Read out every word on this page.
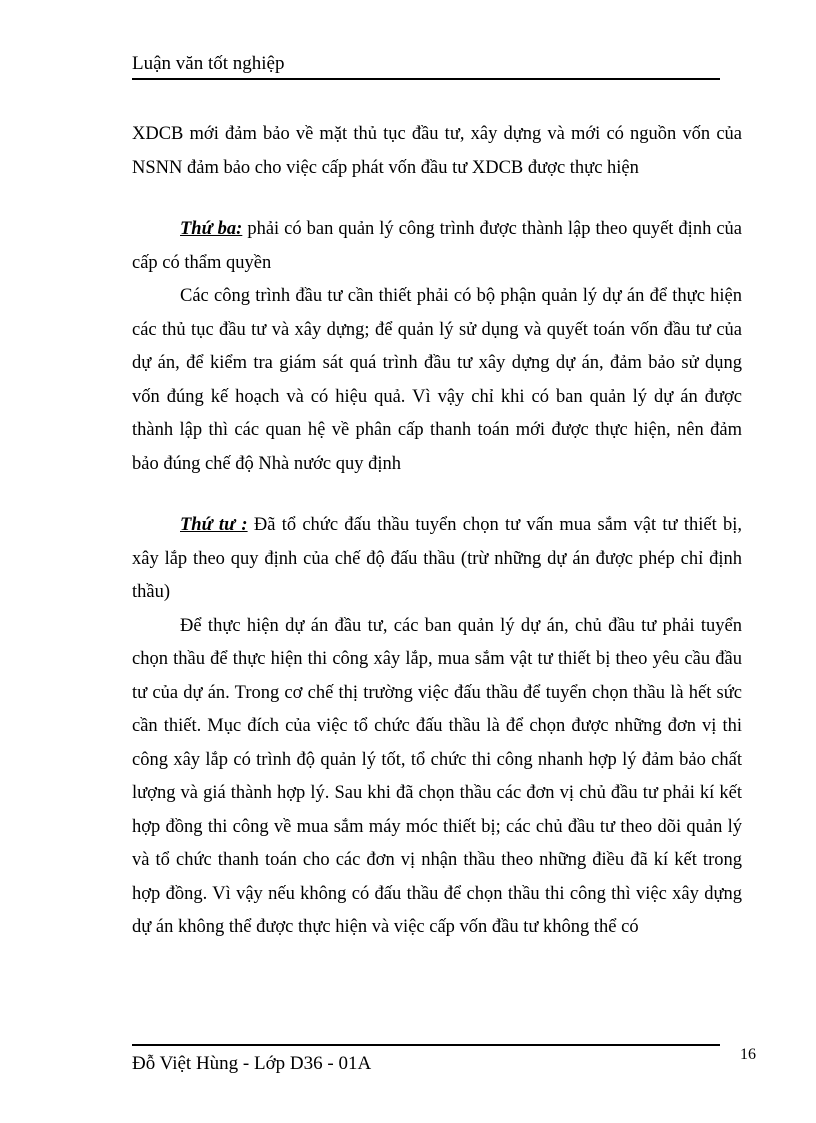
Luận văn tốt nghiệp

XDCB mới đảm bảo về mặt thủ tục đầu tư, xây dựng và mới có nguồn vốn của NSNN đảm bảo cho việc cấp phát vốn đầu tư XDCB được thực hiện

Thứ ba: phải có ban quản lý công trình được thành lập theo quyết định của cấp có thẩm quyền

Các công trình đầu tư cần thiết phải có bộ phận quản lý dự án để thực hiện các thủ tục đầu tư và xây dựng; để quản lý sử dụng và quyết toán vốn đầu tư của dự án, để kiểm tra giám sát quá trình đầu tư xây dựng dự án, đảm bảo sử dụng vốn đúng kế hoạch và có hiệu quả. Vì vậy chỉ khi có ban quản lý dự án được thành lập thì các quan hệ về phân cấp thanh toán mới được thực hiện, nên đảm bảo đúng chế độ Nhà nước quy định

Thứ tư : Đã tổ chức đấu thầu tuyển chọn tư vấn mua sắm vật tư thiết bị, xây lắp theo quy định của chế độ đấu thầu (trừ những dự án được phép chỉ định thầu)

Để thực hiện dự án đầu tư, các ban quản lý dự án, chủ đầu tư phải tuyển chọn thầu để thực hiện thi công xây lắp, mua sắm vật tư thiết bị theo yêu cầu đầu tư của dự án. Trong cơ chế thị trường việc đấu thầu để tuyển chọn thầu là hết sức cần thiết. Mục đích của việc tổ chức đấu thầu là để chọn được những đơn vị thi công xây lắp có trình độ quản lý tốt, tổ chức thi công nhanh hợp lý đảm bảo chất lượng và giá thành hợp lý. Sau khi đã chọn thầu các đơn vị chủ đầu tư phải kí kết hợp đồng thi công về mua sắm máy móc thiết bị; các chủ đầu tư theo dõi quản lý và tổ chức thanh toán cho các đơn vị nhận thầu theo những điều đã kí kết trong hợp đồng. Vì vậy nếu không có đấu thầu để chọn thầu thi công thì việc xây dựng dự án không thể được thực hiện và việc cấp vốn đầu tư không thể có

Đỗ Việt Hùng - Lớp D36 - 01A	16
